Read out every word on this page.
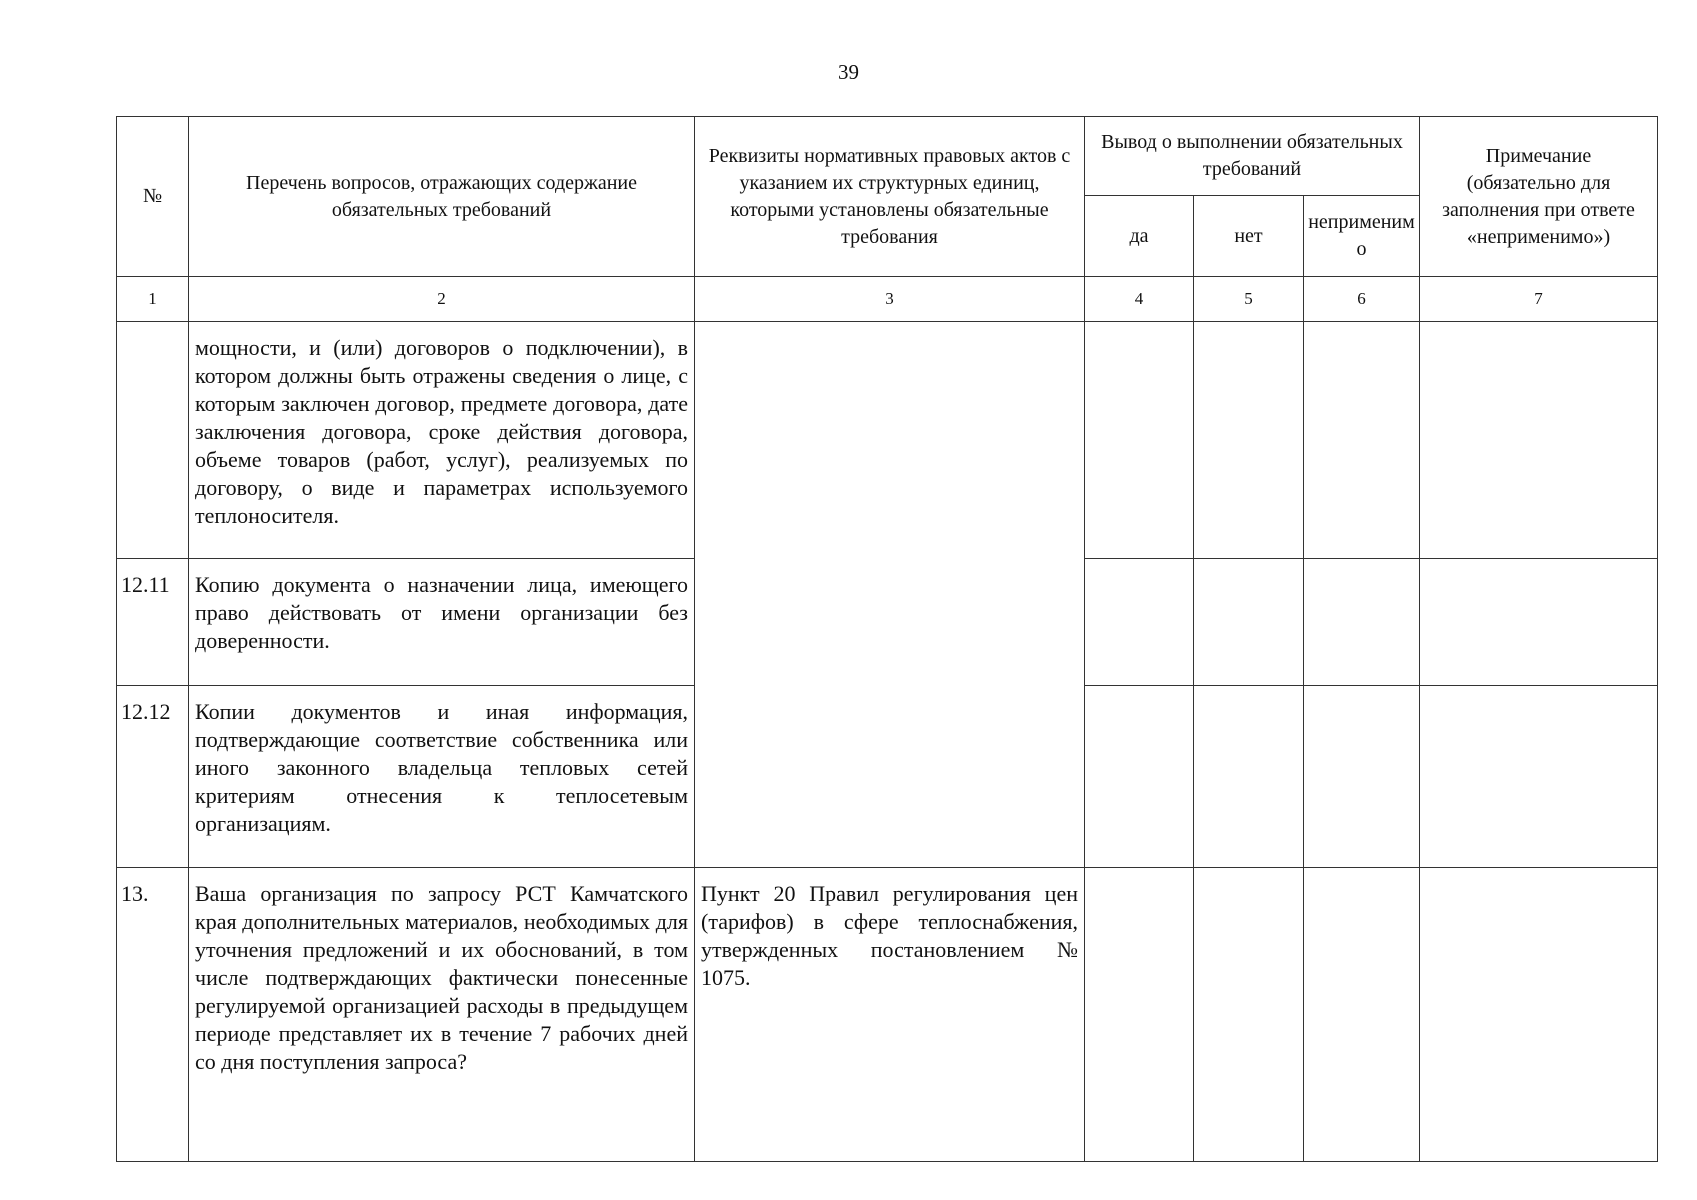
39
№	Перечень вопросов, отражающих содержание обязательных требований	Реквизиты нормативных правовых актов с указанием их структурных единиц, которыми установлены обязательные требования	Вывод о выполнении обязательных требований			Примечание (обязательно для заполнения при ответе «неприменимо»)
			да	нет	неприменимо	
1	2	3	4	5	6	7
	мощности, и (или) договоров о подключении), в котором должны быть отражены сведения о лице, с которым заключен договор, предмете договора, дате заключения договора, сроке действия договора, объеме товаров (работ, услуг), реализуемых по договору, о виде и параметрах используемого теплоносителя.					
12.11	Копию документа о назначении лица, имеющего право действовать от имени организации без доверенности.					
12.12	Копии документов и иная информация, подтверждающие соответствие собственника или иного законного владельца тепловых сетей критериям отнесения к теплосетевым организациям.					
13.	Ваша организация по запросу РСТ Камчатского края дополнительных материалов, необходимых для уточнения предложений и их обоснований, в том числе подтверждающих фактически понесенные регулируемой организацией расходы в предыдущем периоде представляет их в течение 7 рабочих дней со дня поступления запроса?	Пункт 20 Правил регулирования цен (тарифов) в сфере теплоснабжения, утвержденных постановлением № 1075.				
